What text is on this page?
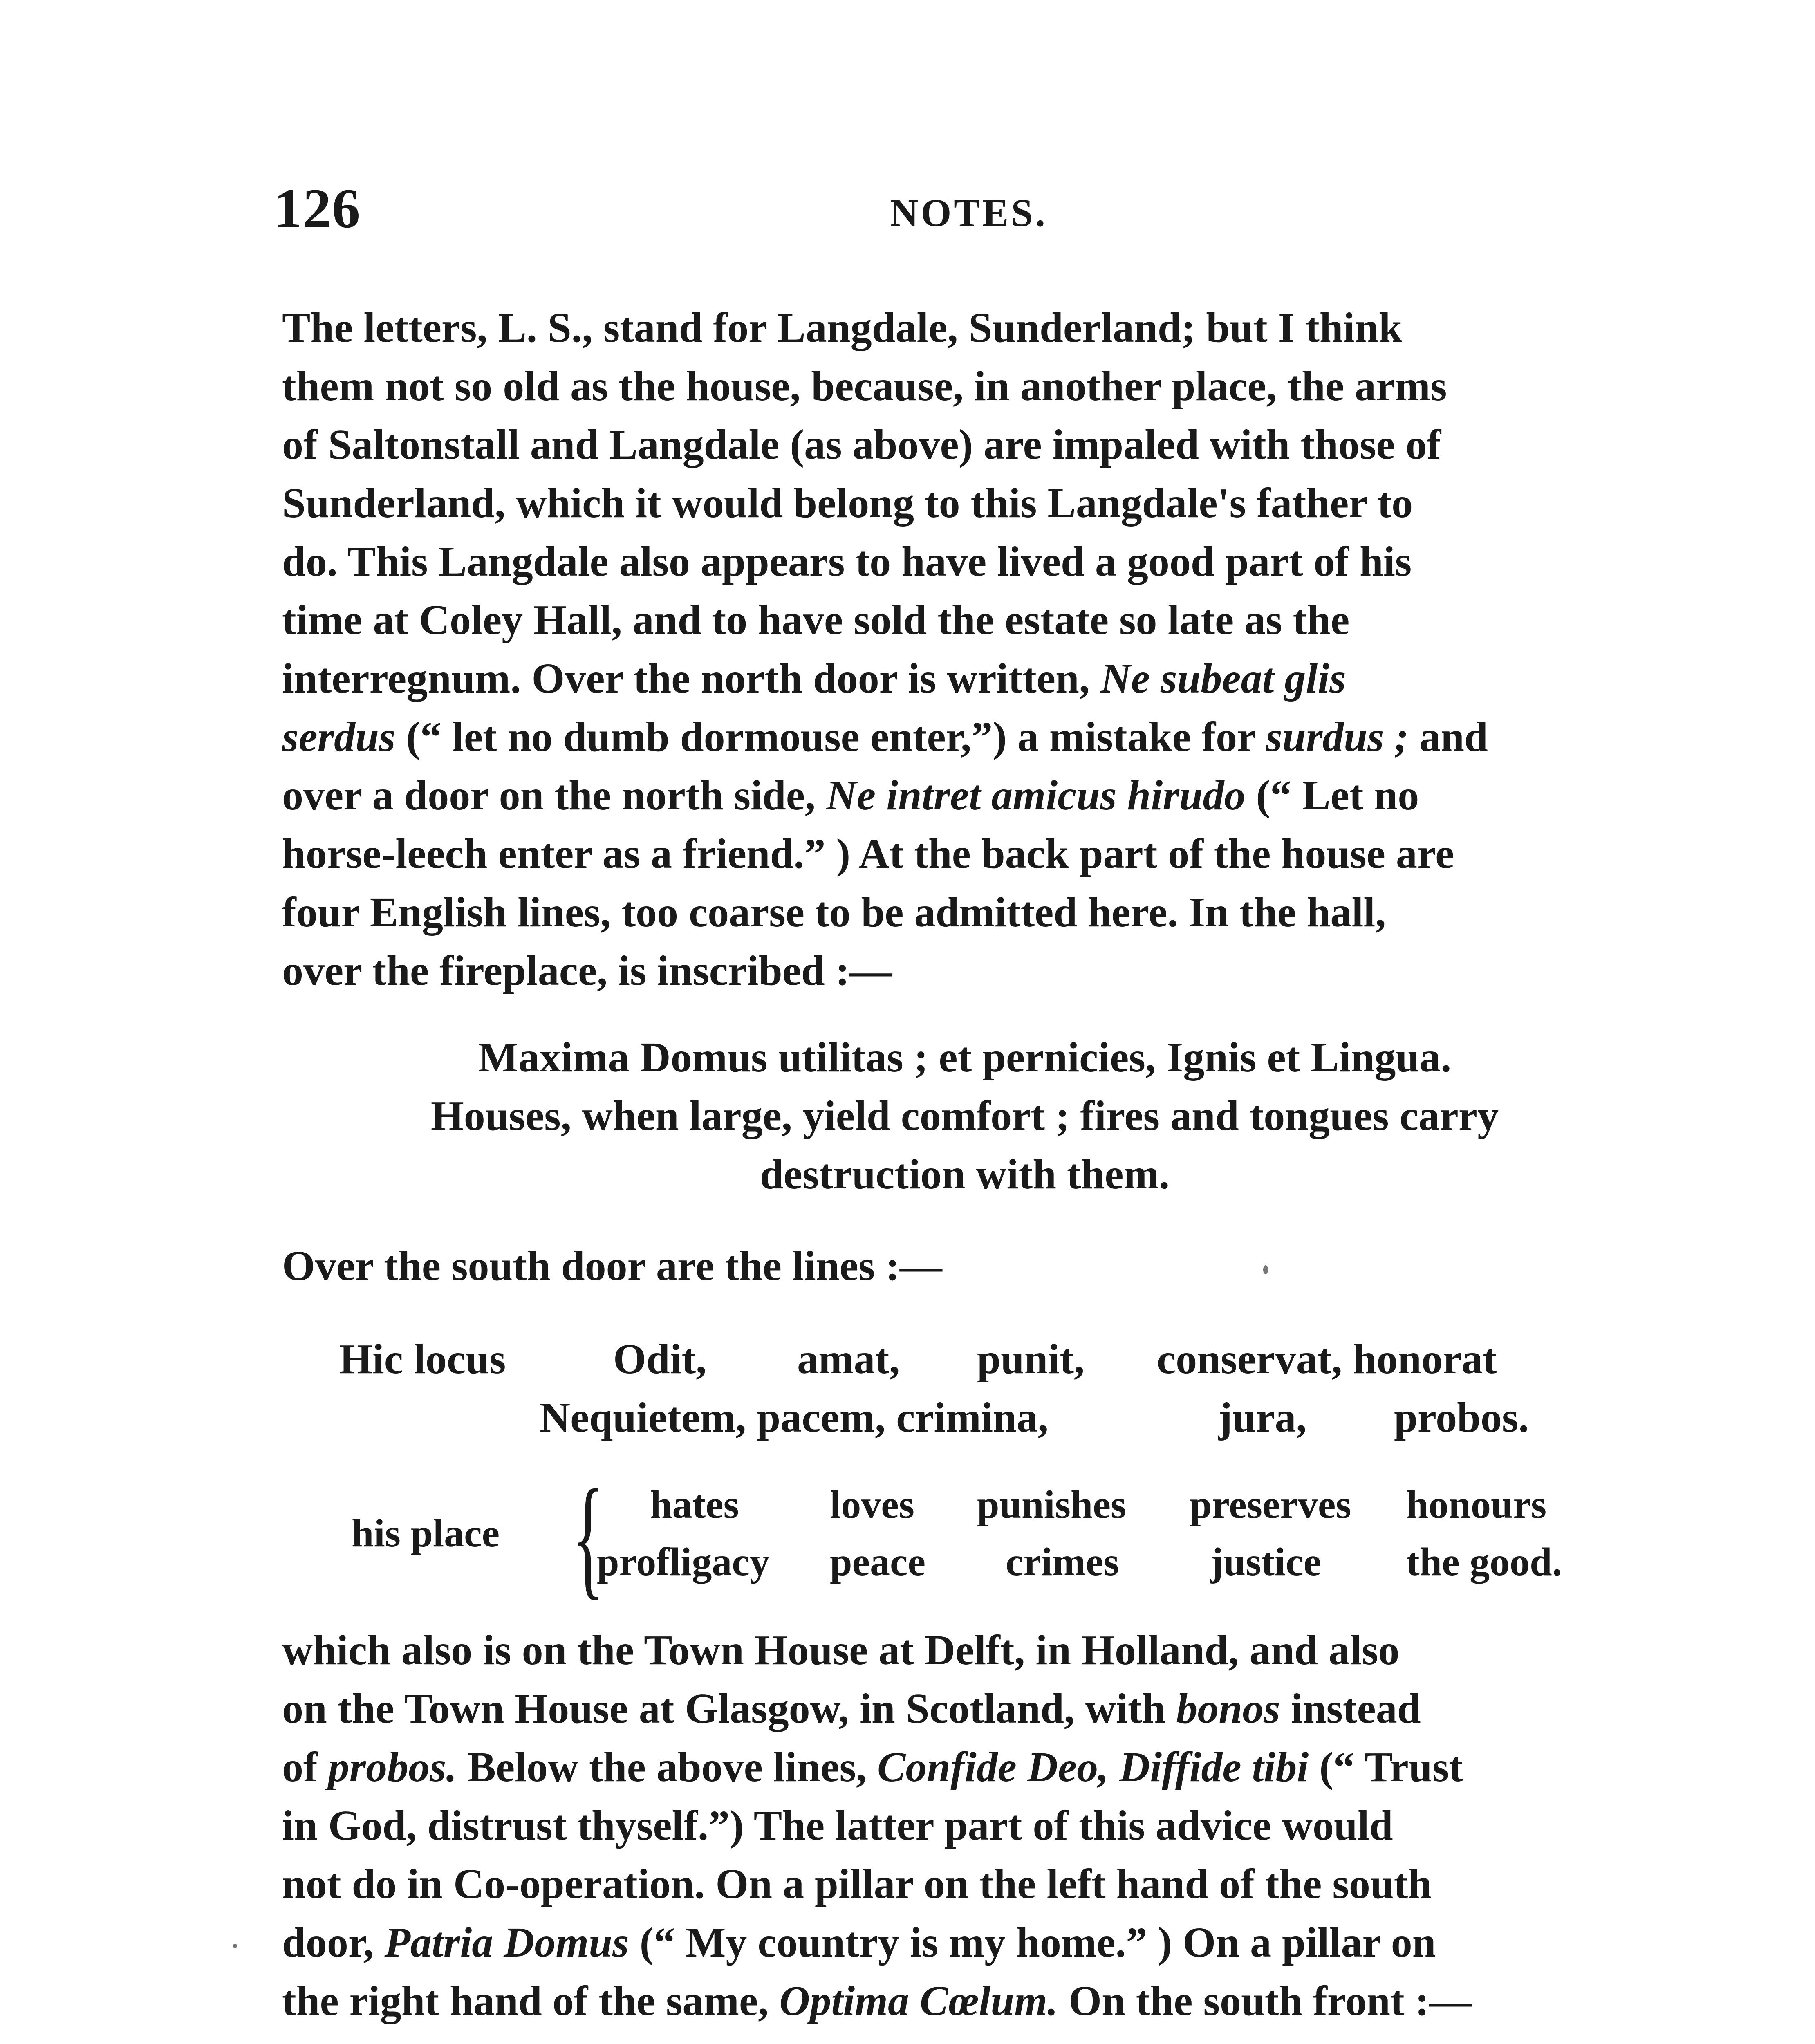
126	NOTES.
The letters, L. S., stand for Langdale, Sunderland; but I think
them not so old as the house, because, in another place, the arms
of Saltonstall and Langdale (as above) are impaled with those of
Sunderland, which it would belong to this Langdale's father to
do. This Langdale also appears to have lived a good part of his
time at Coley Hall, and to have sold the estate so late as the
interregnum. Over the north door is written, Ne subeat glis
serdus (“ let no dumb dormouse enter,”) a mistake for surdus ; and
over a door on the north side, Ne intret amicus hirudo (“ Let no
horse-leech enter as a friend.” ) At the back part of the house are
four English lines, too coarse to be admitted here. In the hall,
over the fireplace, is inscribed :—
Maxima Domus utilitas ; et pernicies, Ignis et Lingua.
Houses, when large, yield comfort ; fires and tongues carry
destruction with them.
Over the south door are the lines :—
Hic locus	Odit, amat, punit, conservat, honorat
Nequietem, pacem, crimina,	jura, probos.
his place { hates loves punishes preserves honours
profligacy peace crimes justice the good.
which also is on the Town House at Delft, in Holland, and also
on the Town House at Glasgow, in Scotland, with bonos instead
of probos. Below the above lines, Confide Deo, Diffide tibi (“ Trust
in God, distrust thyself.”) The latter part of this advice would
not do in Co-operation. On a pillar on the left hand of the south
door, Patria Domus (“ My country is my home.” ) On a pillar on
the right hand of the same, Optima Cœlum. On the south front :—
